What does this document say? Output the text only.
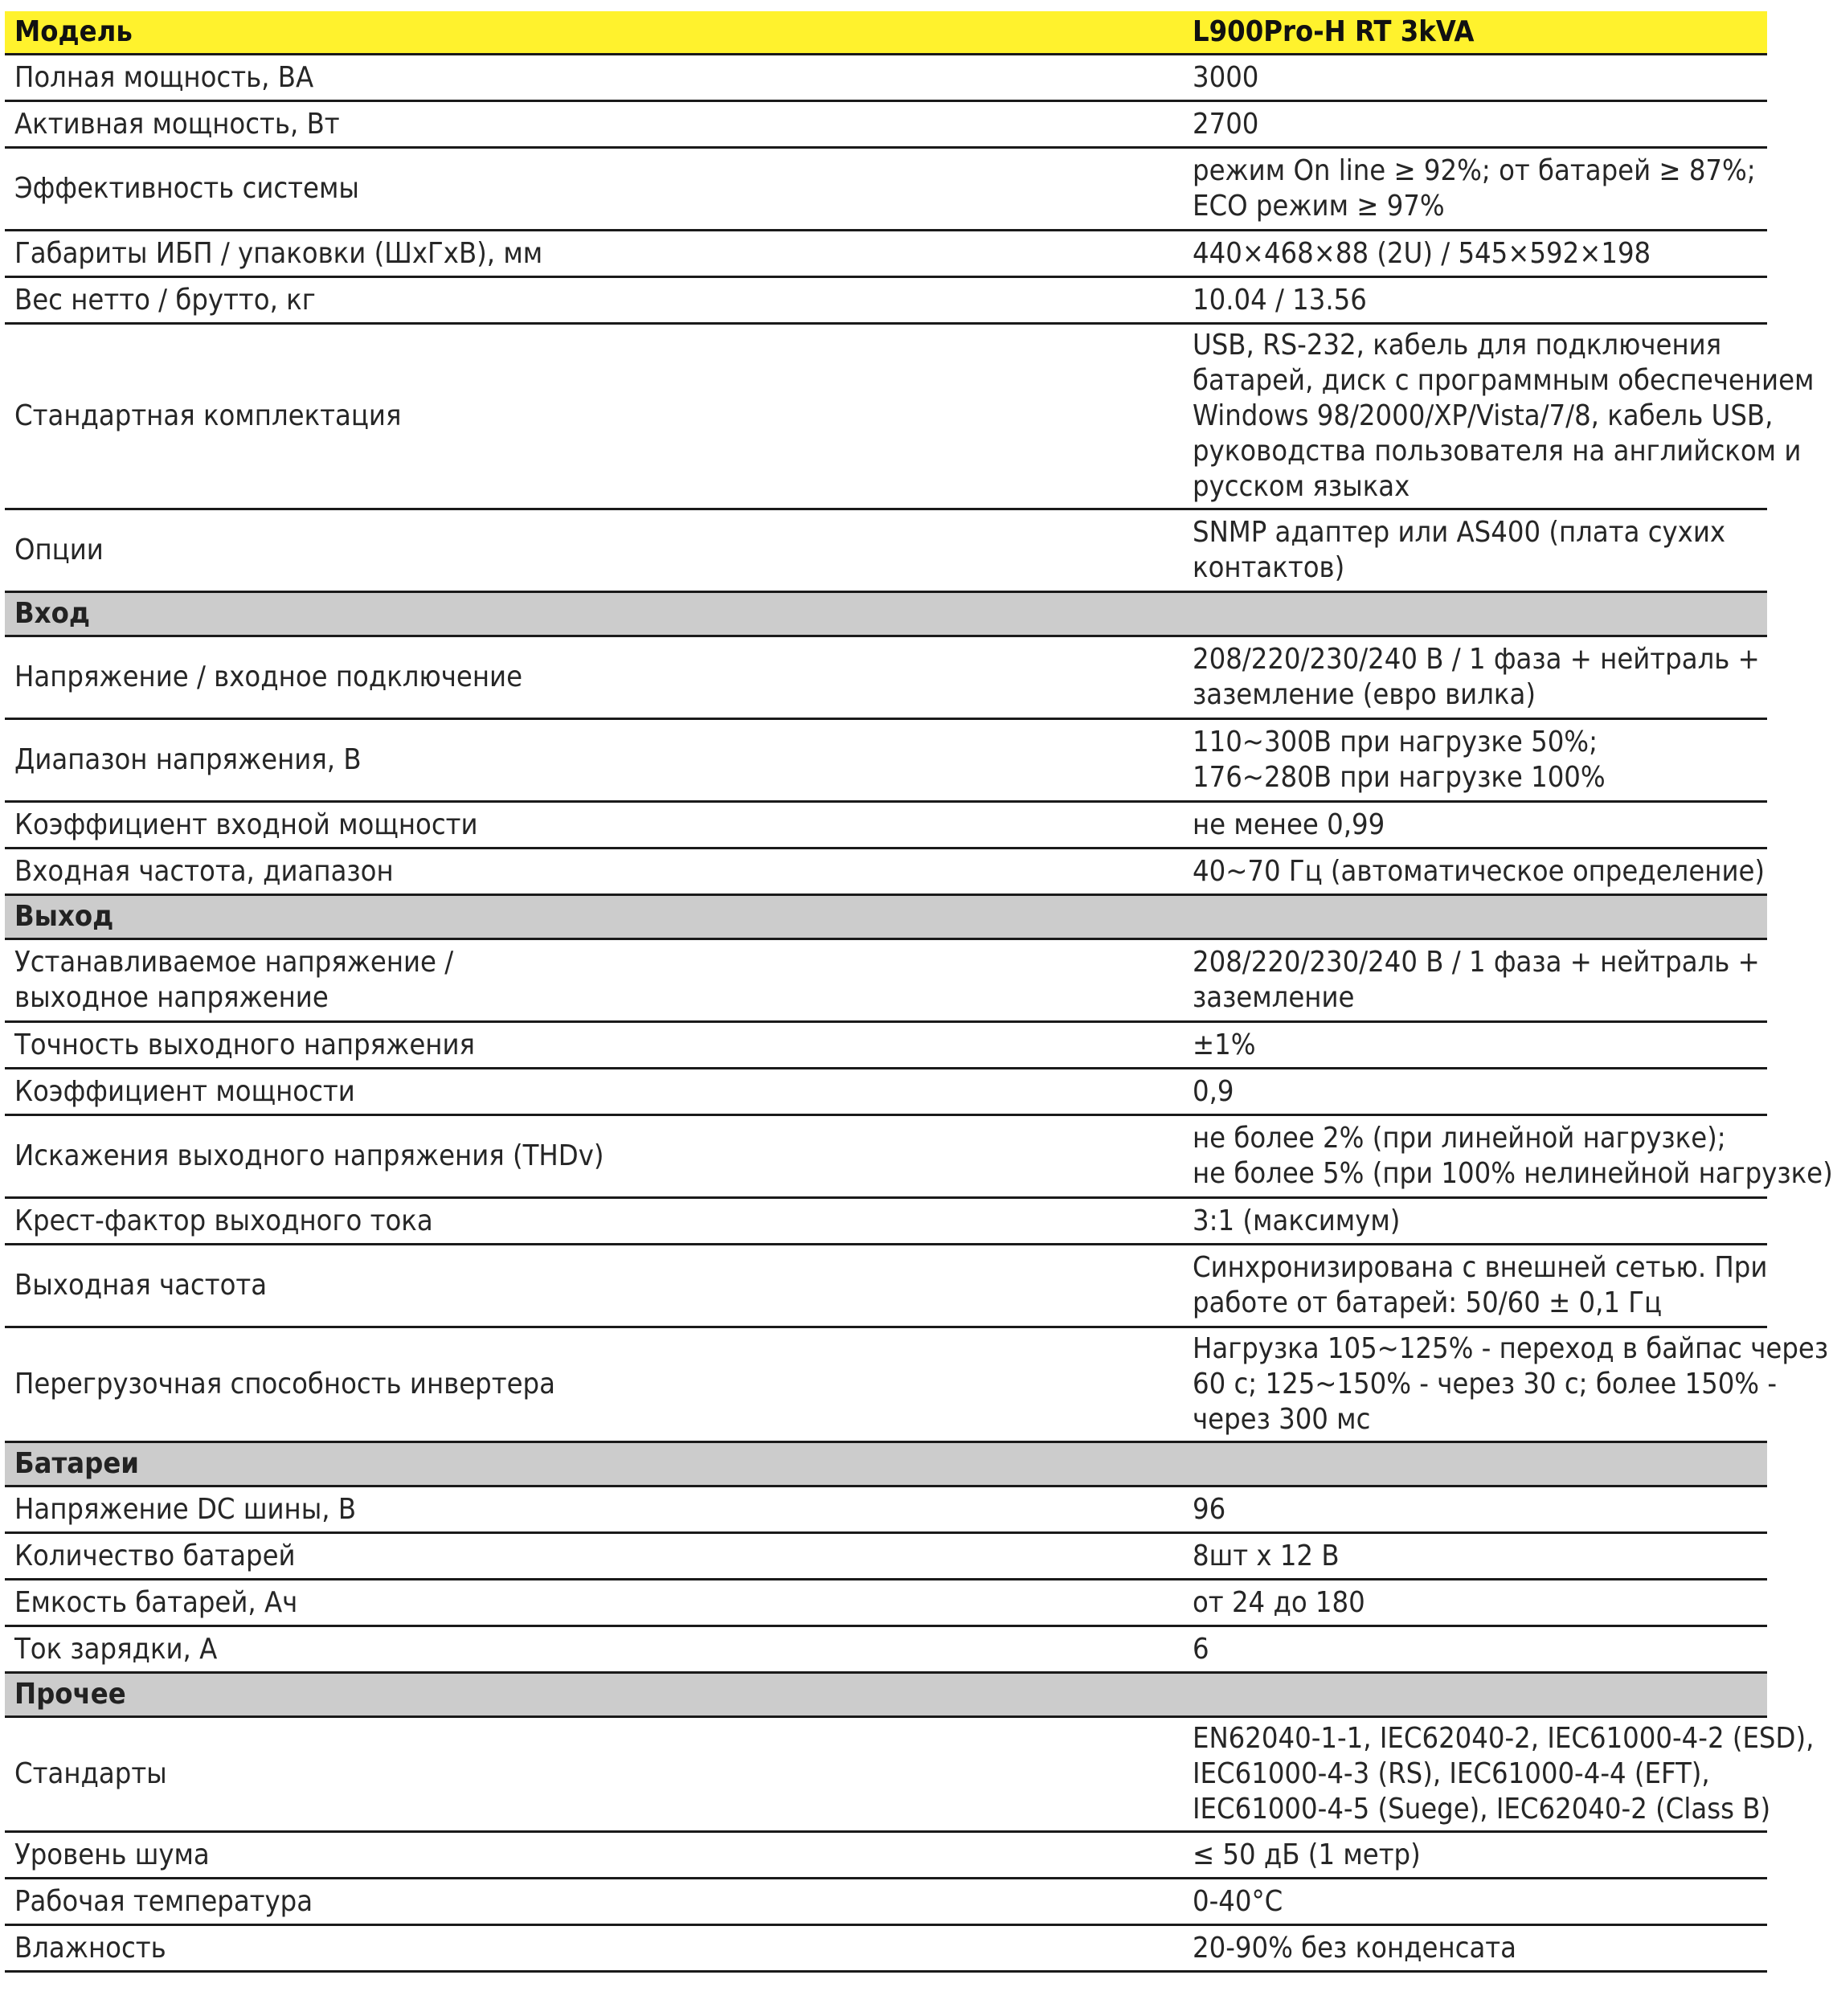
Модель	L900Pro-H RT 3kVA

Полная мощность, ВА	3000

Активная мощность, Вт	2700

Эффективность системы	режим On line ≥ 92%; от батарей ≥ 87%;
ECO режим ≥ 97%

Габариты ИБП / упаковки (ШхГхВ), мм	440×468×88 (2U) / 545×592×198

Вес нетто / брутто, кг	10.04 / 13.56

Стандартная комплектация	USB, RS-232, кабель для подключения
батарей, диск с программным обеспечением
Windows 98/2000/XP/Vista/7/8, кабель USB,
руководства пользователя на английском и
русском языках

Опции	SNMP адаптер или AS400 (плата сухих
контактов)

Вход	

Напряжение / входное подключение	208/220/230/240 В / 1 фаза + нейтраль +
заземление (евро вилка)

Диапазон напряжения, В	110~300В при нагрузке 50%;
176~280В при нагрузке 100%

Коэффициент входной мощности	не менее 0,99

Входная частота, диапазон	40~70 Гц (автоматическое определение)

Выход	

Устанавливаемое напряжение /
выходное напряжение	208/220/230/240 В / 1 фаза + нейтраль +
заземление

Точность выходного напряжения	±1%

Коэффициент мощности	0,9

Искажения выходного напряжения (THDv)	не более 2% (при линейной нагрузке);
не более 5% (при 100% нелинейной нагрузке)

Крест-фактор выходного тока	3:1 (максимум)

Выходная частота	Синхронизирована с внешней сетью. При
работе от батарей: 50/60 ± 0,1 Гц

Перегрузочная способность инвертера	Нагрузка 105~125% - переход в байпас через
60 с; 125~150% - через 30 с; более 150% -
через 300 мс

Батареи	

Напряжение DC шины, В	96

Количество батарей	8шт x 12 В

Емкость батарей, Ач	от 24 до 180

Ток зарядки, А	6

Прочее	

Стандарты	EN62040-1-1, IEC62040-2, IEC61000-4-2 (ESD),
IEC61000-4-3 (RS), IEC61000-4-4 (EFT),
IEC61000-4-5 (Suege), IEC62040-2 (Class B)

Уровень шума	≤ 50 дБ (1 метр)

Рабочая температура	0-40°С

Влажность	20-90% без конденсата
